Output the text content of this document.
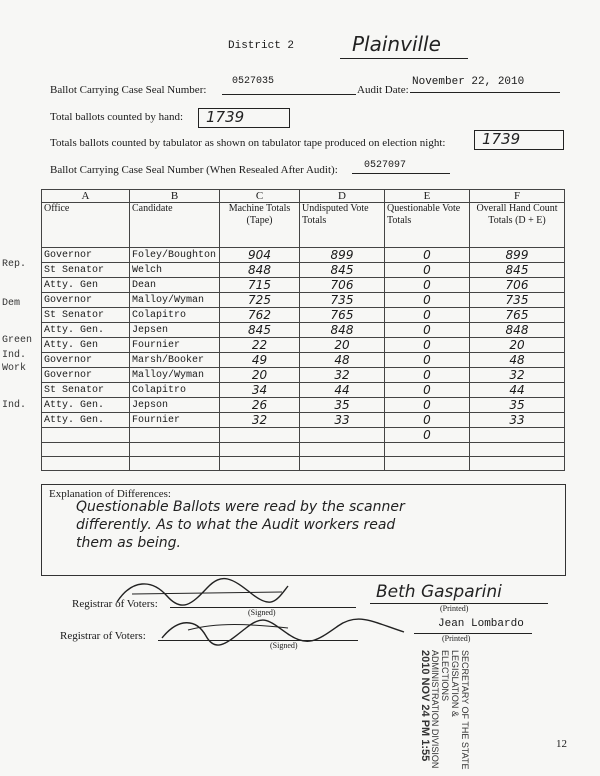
District 2	Plainville
Ballot Carrying Case Seal Number:
0527035
Audit Date:
November 22, 2010
Total ballots counted by hand: 1739
Totals ballots counted by tabulator as shown on tabulator tape produced on election night: 1739
Ballot Carrying Case Seal Number (When Resealed After Audit):	0527097
Rep.
Dem
Green
Ind.
Work
Ind.
A	B	C	D	E	F
Office	Candidate	Machine Totals (Tape)	Undisputed Vote Totals	Questionable Vote Totals	Overall Hand Count Totals (D + E)
Governor	Foley/Boughton	904	899	0	899
St Senator	Welch	848	845	0	845
Atty. Gen	Dean	715	706	0	706
Governor	Malloy/Wyman	725	735	0	735
St Senator	Colapitro	762	765	0	765
Atty. Gen.	Jepsen	845	848	0	848
Atty. Gen	Fournier	22	20	0	20
Governor	Marsh/Booker	49	48	0	48
Governor	Malloy/Wyman	20	32	0	32
St Senator	Colapitro	34	44	0	44
Atty. Gen.	Jepson	26	35	0	35
Atty. Gen.	Fournier	32	33	0	33
				0	

Explanation of Differences:
Questionable Ballots were read by the scanner
differently. As to what the Audit workers read
them as being.
Registrar of Voters:
(Signed)
Beth Gasparini
(Printed)
Registrar of Voters:
(Signed)
Jean Lombardo
(Printed)
SECRETARY OF THE STATE
LEGISLATION & ELECTIONS
ADMINISTRATION DIVISION
2010 NOV 24 PM 1:55	12
